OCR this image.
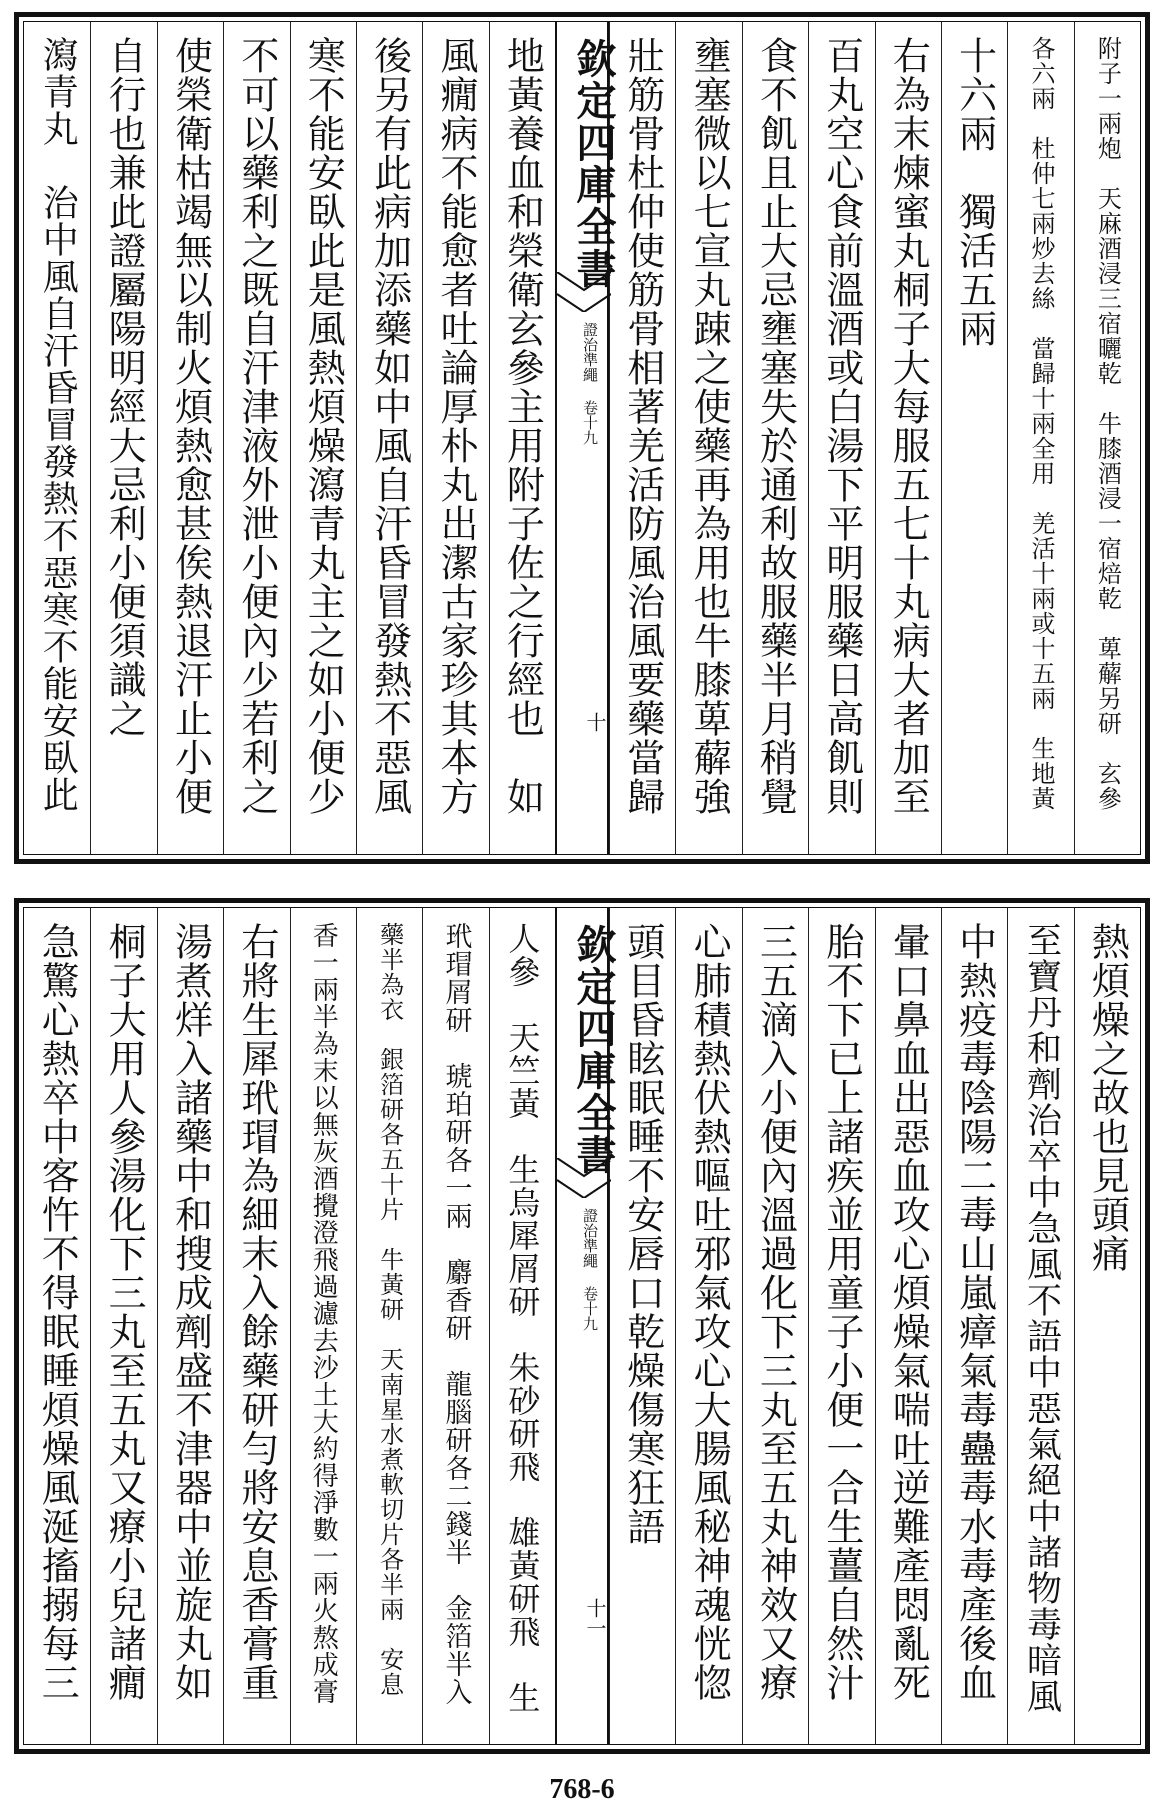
附子一兩炮　天麻酒浸三宿曬乾　牛膝酒浸一宿焙乾　萆薢另研　玄參
各六兩　杜仲七兩炒去絲　當歸十兩全用　羌活十兩或十五兩　生地黃
十六兩　獨活五兩
右為末煉蜜丸桐子大每服五七十丸病大者加至
百丸空心食前溫酒或白湯下平明服藥日高飢則
食不飢且止大忌壅塞失於通利故服藥半月稍覺
壅塞微以七宣丸踈之使藥再為用也牛膝萆薢強
壯筋骨杜仲使筋骨相著羌活防風治風要藥當歸
欽定四庫全書
證治準繩 卷十九
十
地黃養血和榮衛玄參主用附子佐之行經也　如
風癇病不能愈者吐論厚朴丸出潔古家珍其本方
後另有此病加添藥如中風自汗昏冒發熱不惡風
寒不能安臥此是風熱煩燥瀉青丸主之如小便少
不可以藥利之既自汗津液外泄小便內少若利之
使榮衛枯竭無以制火煩熱愈甚俟熱退汗止小便
自行也兼此證屬陽明經大忌利小便須識之
瀉青丸　治中風自汗昏冒發熱不惡寒不能安臥此
熱煩燥之故也見頭痛
至寶丹和劑治卒中急風不語中惡氣絕中諸物毒暗風
中熱疫毒陰陽二毒山嵐瘴氣毒蠱毒水毒產後血
暈口鼻血出惡血攻心煩燥氣喘吐逆難產悶亂死
胎不下已上諸疾並用童子小便一合生薑自然汁
三五滴入小便內溫過化下三丸至五丸神效又療
心肺積熱伏熱嘔吐邪氣攻心大腸風秘神魂恍惚
頭目昏眩眠睡不安唇口乾燥傷寒狂語
欽定四庫全書
證治準繩 卷十九
十一
人參　天竺黃　生烏犀屑研　朱砂研飛　雄黃研飛　生
玳瑁屑研　琥珀研各一兩　麝香研　龍腦研各二錢半　金箔半入
藥半為衣　銀箔研各五十片　牛黃研　天南星水煮軟切片各半兩　安息
香一兩半為末以無灰酒攪澄飛過濾去沙土大約得淨數一兩火熬成膏
右將生犀玳瑁為細末入餘藥研勻將安息香膏重
湯煮烊入諸藥中和搜成劑盛不津器中並旋丸如
桐子大用人參湯化下三丸至五丸又療小兒諸癇
急驚心熱卒中客忤不得眠睡煩燥風涎搐搦每三
768-6
